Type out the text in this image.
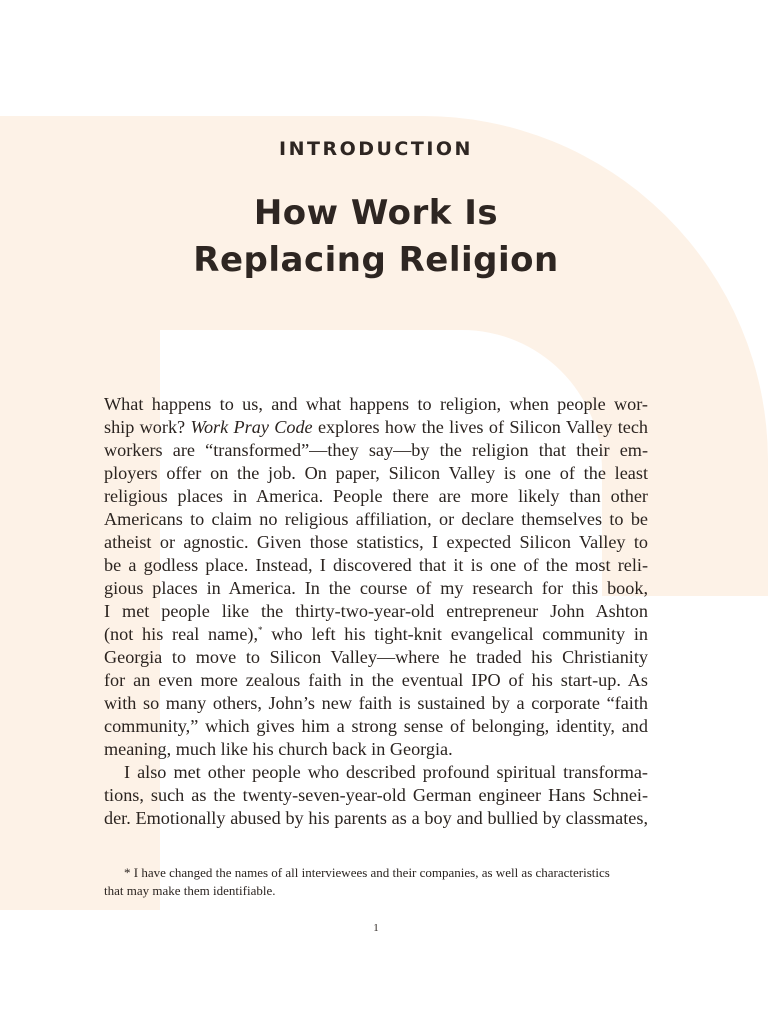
INTRODUCTION
How Work Is
Replacing Religion
What happens to us, and what happens to religion, when people wor-
ship work? Work Pray Code explores how the lives of Silicon Valley tech
workers are “transformed”—they say—by the religion that their em-
ployers offer on the job. On paper, Silicon Valley is one of the least
religious places in America. People there are more likely than other
Americans to claim no religious affiliation, or declare themselves to be
atheist or agnostic. Given those statistics, I expected Silicon Valley to
be a godless place. Instead, I discovered that it is one of the most reli-
gious places in America. In the course of my research for this book,
I met people like the thirty-two-year-old entrepreneur John Ashton
(not his real name),* who left his tight-knit evangelical community in
Georgia to move to Silicon Valley—where he traded his Christianity
for an even more zealous faith in the eventual IPO of his start-up. As
with so many others, John’s new faith is sustained by a corporate “faith
community,” which gives him a strong sense of belonging, identity, and
meaning, much like his church back in Georgia.
I also met other people who described profound spiritual transforma-
tions, such as the twenty-seven-year-old German engineer Hans Schnei-
der. Emotionally abused by his parents as a boy and bullied by classmates,
* I have changed the names of all interviewees and their companies, as well as characteristics
that may make them identifiable.
1
